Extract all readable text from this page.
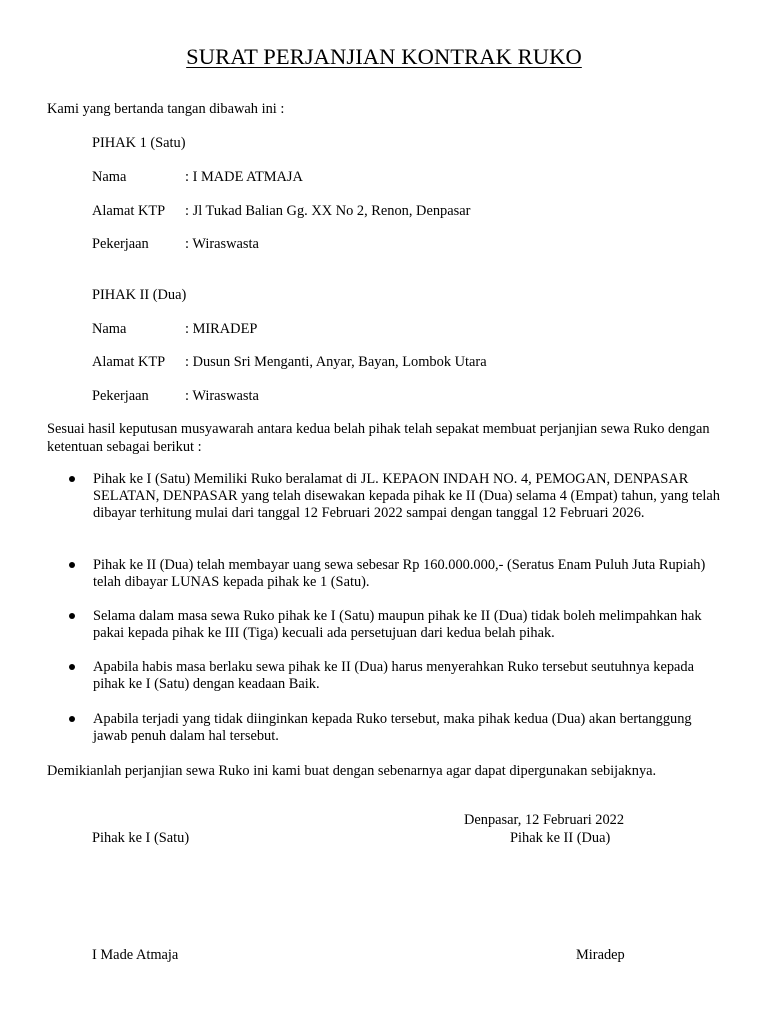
SURAT PERJANJIAN KONTRAK RUKO
Kami yang bertanda tangan dibawah ini :
PIHAK 1 (Satu)
Nama	: I MADE ATMAJA
Alamat KTP : Jl Tukad Balian Gg. XX No 2, Renon, Denpasar
Pekerjaan	: Wiraswasta
PIHAK II (Dua)
Nama	: MIRADEP
Alamat KTP : Dusun Sri Menganti, Anyar, Bayan, Lombok Utara
Pekerjaan	: Wiraswasta
Sesuai hasil keputusan musyawarah antara kedua belah pihak telah sepakat membuat perjanjian sewa Ruko dengan ketentuan sebagai berikut :
Pihak ke I (Satu) Memiliki Ruko beralamat di JL. KEPAON INDAH NO. 4, PEMOGAN, DENPASAR SELATAN, DENPASAR yang telah disewakan kepada pihak ke II (Dua) selama 4 (Empat) tahun, yang telah dibayar terhitung mulai dari tanggal 12 Februari 2022 sampai dengan tanggal 12 Februari 2026.
Pihak ke II (Dua) telah membayar uang sewa sebesar Rp 160.000.000,- (Seratus Enam Puluh Juta Rupiah) telah dibayar LUNAS kepada pihak ke 1 (Satu).
Selama dalam masa sewa Ruko pihak ke I (Satu) maupun pihak ke II (Dua) tidak boleh melimpahkan hak pakai kepada pihak ke III (Tiga) kecuali ada persetujuan dari kedua belah pihak.
Apabila habis masa berlaku sewa pihak ke II (Dua) harus menyerahkan Ruko tersebut seutuhnya kepada pihak ke I (Satu) dengan keadaan Baik.
Apabila terjadi yang tidak diinginkan kepada Ruko tersebut, maka pihak kedua (Dua) akan bertanggung jawab penuh dalam hal tersebut.
Demikianlah perjanjian sewa Ruko ini kami buat dengan sebenarnya agar dapat dipergunakan sebijaknya.
Denpasar, 12 Februari 2022
Pihak ke I (Satu)	Pihak ke II (Dua)
I Made Atmaja	Miradep
